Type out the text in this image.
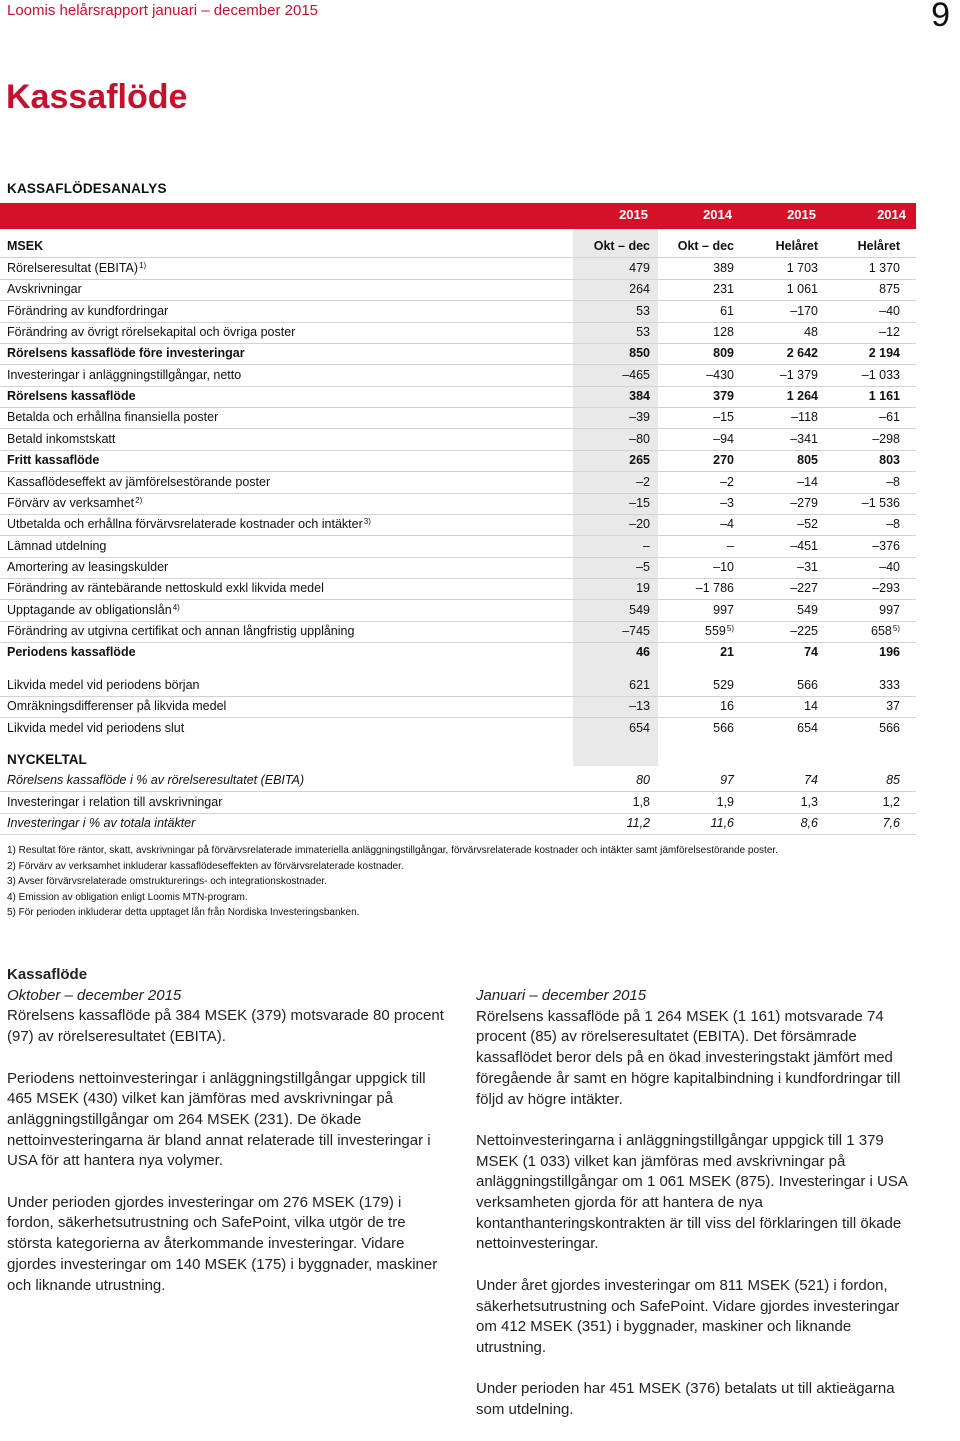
Loomis helårsrapport januari – december 2015	9
Kassaflöde
KASSAFLÖDESANALYS
2015	2014	2015	2014
MSEK	Okt – dec	Okt – dec	Helåret	Helåret
Rörelseresultat (EBITA)$^{1)}$	479	389	1 703	1 370
Avskrivningar	264	231	1 061	875
Förändring av kundfordringar	53	61	–170	–40
Förändring av övrigt rörelsekapital och övriga poster	53	128	48	–12
Rörelsens kassaflöde före investeringar	850	809	2 642	2 194
Investeringar i anläggningstillgångar, netto	–465	–430	–1 379	–1 033
Rörelsens kassaflöde	384	379	1 264	1 161
Betalda och erhållna finansiella poster	–39	–15	–118	–61
Betald inkomstskatt	–80	–94	–341	–298
Fritt kassaflöde	265	270	805	803
Kassaflödeseffekt av jämförelsestörande poster	–2	–2	–14	–8
Förvärv av verksamhet$^{2)}$	–15	–3	–279	–1 536
Utbetalda och erhållna förvärvsrelaterade kostnader och intäkter$^{3)}$	–20	–4	–52	–8
Lämnad utdelning	–	–	–451	–376
Amortering av leasingskulder	–5	–10	–31	–40
Förändring av räntebärande nettoskuld exkl likvida medel	19	–1 786	–227	–293
Upptagande av obligationslån$^{4)}$	549	997	549	997
Förändring av utgivna certifikat och annan långfristig upplåning	–745	559$^{5)}$	–225	658$^{5)}$
Periodens kassaflöde	46	21	74	196
Likvida medel vid periodens början	621	529	566	333
Omräkningsdifferenser på likvida medel	–13	16	14	37
Likvida medel vid periodens slut	654	566	654	566
Rörelsens kassaflöde i % av rörelseresultatet (EBITA)	80	97	74	85
Investeringar i relation till avskrivningar	1,8	1,9	1,3	1,2
Investeringar i % av totala intäkter	11,2	11,6	8,6	7,6
NYCKELTAL
1) Resultat före räntor, skatt, avskrivningar på förvärvsrelaterade immateriella anläggningstillgångar, förvärvsrelaterade kostnader och intäkter samt jämförelsestörande poster.
2) Förvärv av verksamhet inkluderar kassaflödeseffekten av förvärvsrelaterade kostnader.
3) Avser förvärvsrelaterade omstrukturerings- och integrationskostnader.
4) Emission av obligation enligt Loomis MTN-program.
5) För perioden inkluderar detta upptaget lån från Nordiska Investeringsbanken.
Kassaflöde
Oktober – december 2015

Rörelsens kassaflöde på 384 MSEK (379) motsvarade 80 procent (97) av rörelseresultatet (EBITA).

Periodens nettoinvesteringar i anläggningstillgångar uppgick till 465 MSEK (430) vilket kan jämföras med avskrivningar på anläggningstillgångar om 264 MSEK (231). De ökade nettoinvesteringarna är bland annat relaterade till investeringar i USA för att hantera nya volymer.

Under perioden gjordes investeringar om 276 MSEK (179) i fordon, säkerhetsutrustning och SafePoint, vilka utgör de tre största kategorierna av återkommande investeringar. Vidare gjordes investeringar om 140 MSEK (175) i byggnader, maskiner och liknande utrustning.

Januari – december 2015

Rörelsens kassaflöde på 1 264 MSEK (1 161) motsvarade 74 procent (85) av rörelseresultatet (EBITA). Det försämrade kassaflödet beror dels på en ökad investeringstakt jämfört med föregående år samt en högre kapitalbindning i kundfordringar till följd av högre intäkter.

Nettoinvesteringarna i anläggningstillgångar uppgick till 1 379 MSEK (1 033) vilket kan jämföras med avskrivningar på anläggningstillgångar om 1 061 MSEK (875). Investeringar i USA verksamheten gjorda för att hantera de nya kontanthanteringskontrakten är till viss del förklaringen till ökade nettoinvesteringar.

Under året gjordes investeringar om 811 MSEK (521) i fordon, säkerhetsutrustning och SafePoint. Vidare gjordes investeringar om 412 MSEK (351) i byggnader, maskiner och liknande utrustning.

Under perioden har 451 MSEK (376) betalats ut till aktieägarna som utdelning.
